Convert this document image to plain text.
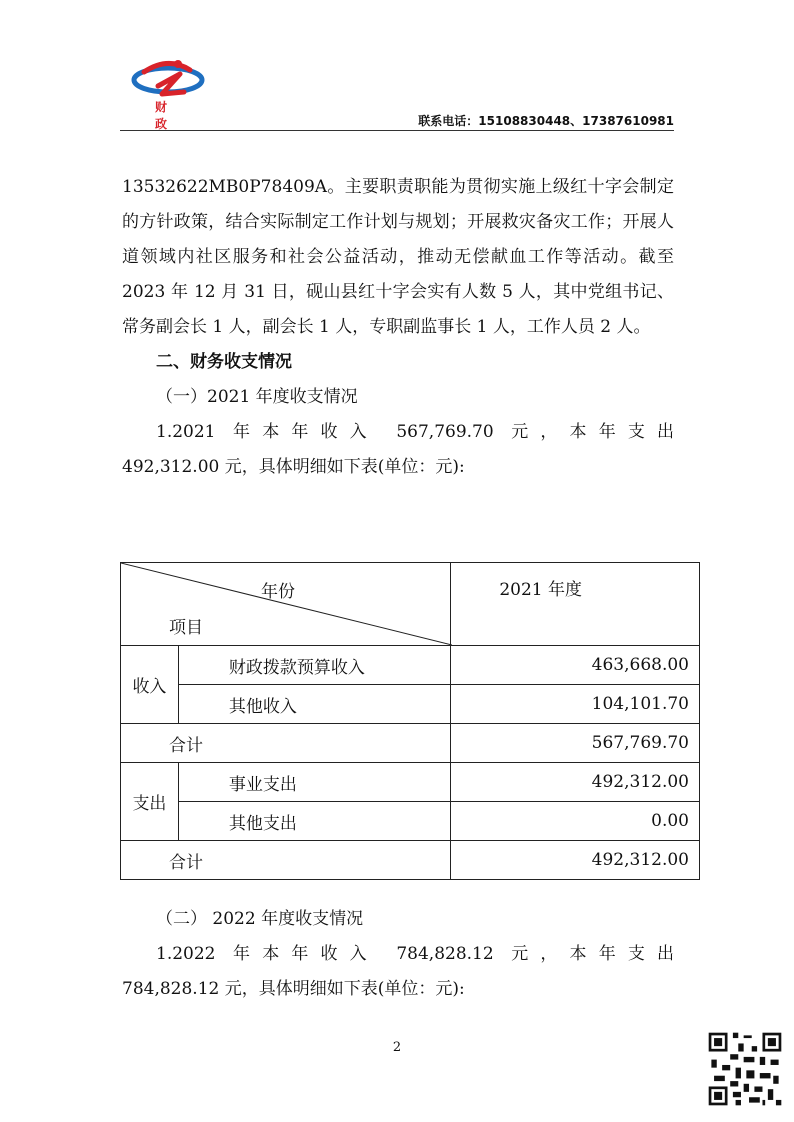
财 政	联系电话：15108830448、17387610981

13532622MB0P78409A。主要职责职能为贯彻实施上级红十字会制定的方针政策，结合实际制定工作计划与规划；开展救灾备灾工作；开展人道领域内社区服务和社会公益活动，推动无偿献血工作等活动。截至 2023 年 12 月 31 日，砚山县红十字会实有人数 5 人，其中党组书记、常务副会长 1 人，副会长 1 人，专职副监事长 1 人，工作人员 2 人。

二、财务收支情况

（一）2021 年度收支情况

1.2021 年本年收入 567,769.70 元，本年支出

492,312.00 元，具体明细如下表(单位：元):

年份
项目		2021 年度
收入	财政拨款预算收入	463,668.00
	其他收入	104,101.70
合计		567,769.70
支出	事业支出	492,312.00
	其他支出	0.00
合计		492,312.00

（二） 2022 年度收支情况

1.2022 年本年收入 784,828.12 元，本年支出

784,828.12 元，具体明细如下表(单位：元):

2
